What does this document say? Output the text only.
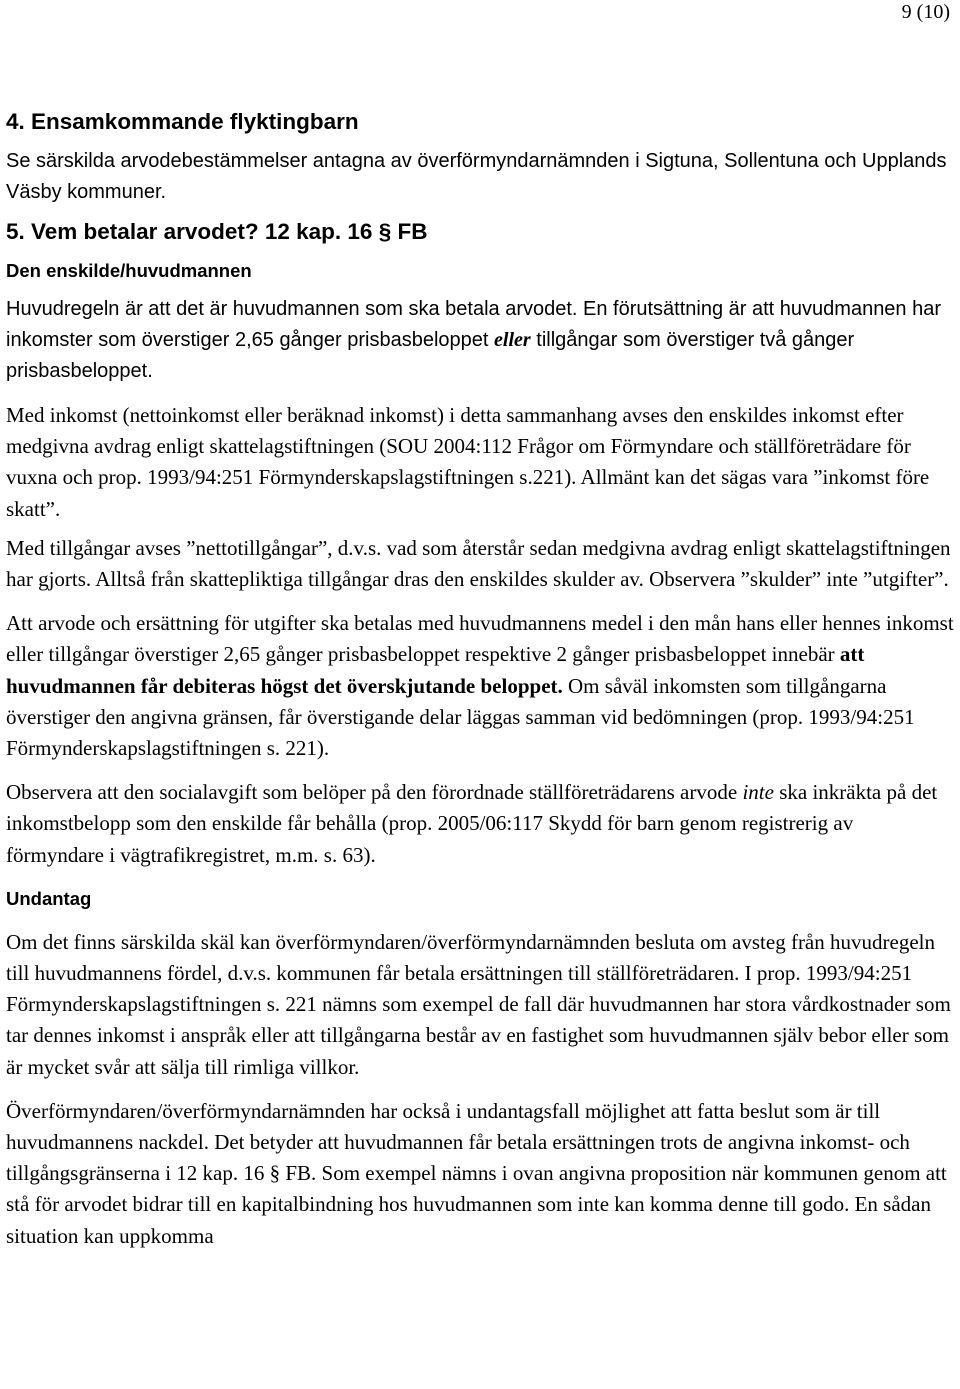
9 (10)
4. Ensamkommande flyktingbarn

Se särskilda arvodebestämmelser antagna av överförmyndarnämnden i Sigtuna, Sollentuna och Upplands Väsby kommuner.

5. Vem betalar arvodet? 12 kap. 16 § FB

Den enskilde/huvudmannen

Huvudregeln är att det är huvudmannen som ska betala arvodet. En förutsättning är att huvudmannen har inkomster som överstiger 2,65 gånger prisbasbeloppet eller tillgångar som överstiger två gånger prisbasbeloppet.

Med inkomst (nettoinkomst eller beräknad inkomst) i detta sammanhang avses den enskildes inkomst efter medgivna avdrag enligt skattelagstiftningen (SOU 2004:112 Frågor om Förmyndare och ställföreträdare för vuxna och prop. 1993/94:251 Förmynderskapslagstiftningen s.221). Allmänt kan det sägas vara ”inkomst före skatt”.

Med tillgångar avses ”nettotillgångar”, d.v.s. vad som återstår sedan medgivna avdrag enligt skattelagstiftningen har gjorts. Alltså från skattepliktiga tillgångar dras den enskildes skulder av. Observera ”skulder” inte ”utgifter”.

Att arvode och ersättning för utgifter ska betalas med huvudmannens medel i den mån hans eller hennes inkomst eller tillgångar överstiger 2,65 gånger prisbasbeloppet respektive 2 gånger prisbasbeloppet innebär att huvudmannen får debiteras högst det överskjutande beloppet. Om såväl inkomsten som tillgångarna överstiger den angivna gränsen, får överstigande delar läggas samman vid bedömningen (prop. 1993/94:251 Förmynderskapslagstiftningen s. 221).

Observera att den socialavgift som belöper på den förordnade ställföreträdarens arvode inte ska inkräkta på det inkomstbelopp som den enskilde får behålla (prop. 2005/06:117 Skydd för barn genom registrerig av förmyndare i vägtrafikregistret, m.m. s. 63).

Undantag

Om det finns särskilda skäl kan överförmyndaren/överförmyndarnämnden besluta om avsteg från huvudregeln till huvudmannens fördel, d.v.s. kommunen får betala ersättningen till ställföreträdaren. I prop. 1993/94:251 Förmynderskapslagstiftningen s. 221 nämns som exempel de fall där huvudmannen har stora vårdkostnader som tar dennes inkomst i anspråk eller att tillgångarna består av en fastighet som huvudmannen själv bebor eller som är mycket svår att sälja till rimliga villkor.

Överförmyndaren/överförmyndarnämnden har också i undantagsfall möjlighet att fatta beslut som är till huvudmannens nackdel. Det betyder att huvudmannen får betala ersättningen trots de angivna inkomst- och tillgångsgränserna i 12 kap. 16 § FB. Som exempel nämns i ovan angivna proposition när kommunen genom att stå för arvodet bidrar till en kapitalbindning hos huvudmannen som inte kan komma denne till godo. En sådan situation kan uppkomma
